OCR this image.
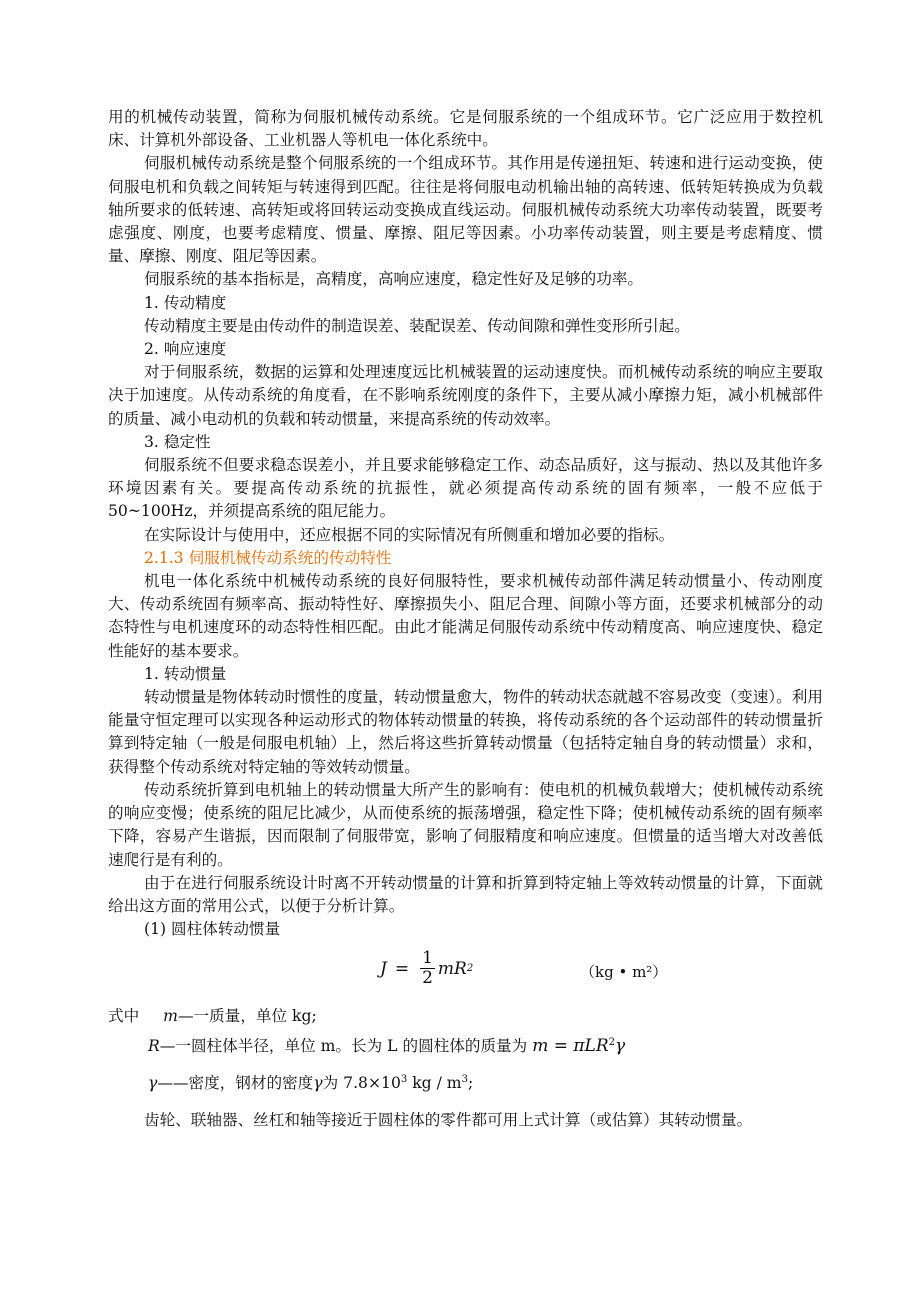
用的机械传动装置，简称为伺服机械传动系统。它是伺服系统的一个组成环节。它广泛应用于数控机床、计算机外部设备、工业机器人等机电一体化系统中。

伺服机械传动系统是整个伺服系统的一个组成环节。其作用是传递扭矩、转速和进行运动变换，使伺服电机和负载之间转矩与转速得到匹配。往往是将伺服电动机输出轴的高转速、低转矩转换成为负载轴所要求的低转速、高转矩或将回转运动变换成直线运动。伺服机械传动系统大功率传动装置，既要考虑强度、刚度，也要考虑精度、惯量、摩擦、阻尼等因素。小功率传动装置，则主要是考虑精度、惯量、摩擦、刚度、阻尼等因素。

伺服系统的基本指标是，高精度，高响应速度，稳定性好及足够的功率。

1. 传动精度

传动精度主要是由传动件的制造误差、装配误差、传动间隙和弹性变形所引起。

2. 响应速度

对于伺服系统，数据的运算和处理速度远比机械装置的运动速度快。而机械传动系统的响应主要取决于加速度。从传动系统的角度看，在不影响系统刚度的条件下，主要从减小摩擦力矩，减小机械部件的质量、减小电动机的负载和转动惯量，来提高系统的传动效率。

3. 稳定性

伺服系统不但要求稳态误差小，并且要求能够稳定工作、动态品质好，这与振动、热以及其他许多环境因素有关。要提高传动系统的抗振性，就必须提高传动系统的固有频率，一般不应低于50~100Hz，并须提高系统的阻尼能力。

在实际设计与使用中，还应根据不同的实际情况有所侧重和增加必要的指标。

2.1.3 伺服机械传动系统的传动特性

机电一体化系统中机械传动系统的良好伺服特性，要求机械传动部件满足转动惯量小、传动刚度大、传动系统固有频率高、振动特性好、摩擦损失小、阻尼合理、间隙小等方面，还要求机械部分的动态特性与电机速度环的动态特性相匹配。由此才能满足伺服传动系统中传动精度高、响应速度快、稳定性能好的基本要求。

1. 转动惯量

转动惯量是物体转动时惯性的度量，转动惯量愈大，物件的转动状态就越不容易改变（变速）。利用能量守恒定理可以实现各种运动形式的物体转动惯量的转换，将传动系统的各个运动部件的转动惯量折算到特定轴（一般是伺服电机轴）上，然后将这些折算转动惯量（包括特定轴自身的转动惯量）求和，获得整个传动系统对特定轴的等效转动惯量。

传动系统折算到电机轴上的转动惯量大所产生的影响有：使电机的机械负载增大；使机械传动系统的响应变慢；使系统的阻尼比减少，从而使系统的振荡增强，稳定性下降；使机械传动系统的固有频率下降，容易产生谐振，因而限制了伺服带宽，影响了伺服精度和响应速度。但惯量的适当增大对改善低速爬行是有利的。

由于在进行伺服系统设计时离不开转动惯量的计算和折算到特定轴上等效转动惯量的计算，下面就给出这方面的常用公式，以便于分析计算。

(1) 圆柱体转动惯量

$J = \frac{1}{2}$ mR 2	（kg • m²）

式中 m—一质量，单位 kg;

R—一圆柱体半径，单位 m。长为 L 的圆柱体的质量为 m = πLR$^2$γ

γ——密度，钢材的密度γ为 $7.8\times 10^3$ kg / $m^3$;

齿轮、联轴器、丝杠和轴等接近于圆柱体的零件都可用上式计算（或估算）其转动惯量。
